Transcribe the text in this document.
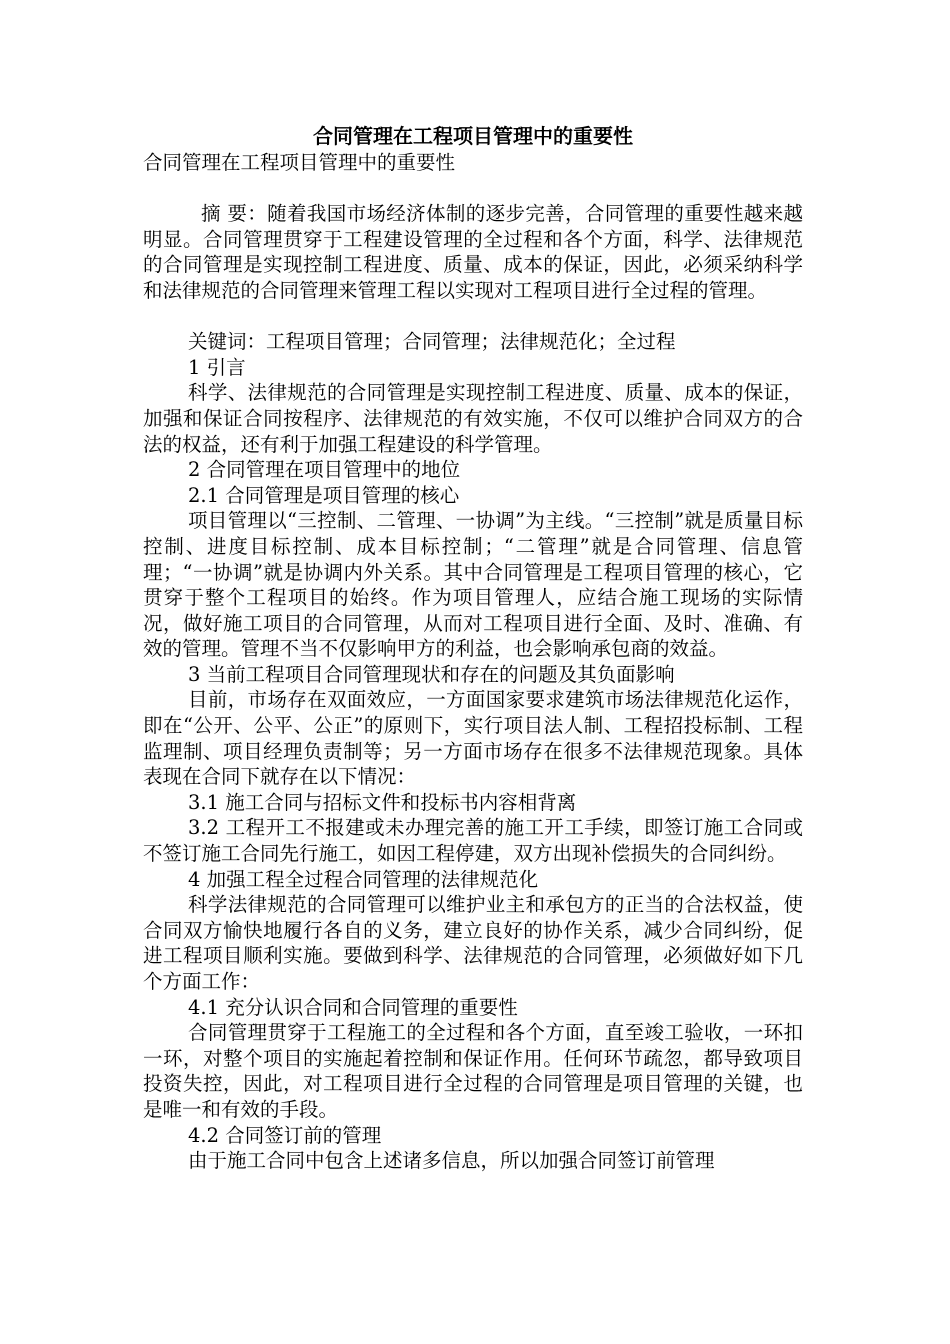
合同管理在工程项目管理中的重要性

合同管理在工程项目管理中的重要性

摘 要：随着我国市场经济体制的逐步完善，合同管理的重要性越来越明显。合同管理贯穿于工程建设管理的全过程和各个方面，科学、法律规范的合同管理是实现控制工程进度、质量、成本的保证，因此，必须采纳科学和法律规范的合同管理来管理工程以实现对工程项目进行全过程的管理。

关键词：工程项目管理；合同管理；法律规范化；全过程

1 引言

科学、法律规范的合同管理是实现控制工程进度、质量、成本的保证，加强和保证合同按程序、法律规范的有效实施，不仅可以维护合同双方的合法的权益，还有利于加强工程建设的科学管理。

2 合同管理在项目管理中的地位

2.1 合同管理是项目管理的核心

项目管理以“三控制、二管理、一协调”为主线。“三控制”就是质量目标控制、进度目标控制、成本目标控制；“二管理”就是合同管理、信息管理；“一协调”就是协调内外关系。其中合同管理是工程项目管理的核心，它贯穿于整个工程项目的始终。作为项目管理人，应结合施工现场的实际情况，做好施工项目的合同管理，从而对工程项目进行全面、及时、准确、有效的管理。管理不当不仅影响甲方的利益，也会影响承包商的效益。

3 当前工程项目合同管理现状和存在的问题及其负面影响

目前，市场存在双面效应，一方面国家要求建筑市场法律规范化运作，即在“公开、公平、公正”的原则下，实行项目法人制、工程招投标制、工程监理制、项目经理负责制等；另一方面市场存在很多不法律规范现象。具体表现在合同下就存在以下情况：

3.1 施工合同与招标文件和投标书内容相背离

3.2 工程开工不报建或未办理完善的施工开工手续，即签订施工合同或不签订施工合同先行施工，如因工程停建，双方出现补偿损失的合同纠纷。

4 加强工程全过程合同管理的法律规范化

科学法律规范的合同管理可以维护业主和承包方的正当的合法权益，使合同双方愉快地履行各自的义务，建立良好的协作关系，减少合同纠纷，促进工程项目顺利实施。要做到科学、法律规范的合同管理，必须做好如下几个方面工作：

4.1 充分认识合同和合同管理的重要性

合同管理贯穿于工程施工的全过程和各个方面，直至竣工验收，一环扣一环，对整个项目的实施起着控制和保证作用。任何环节疏忽，都导致项目投资失控，因此，对工程项目进行全过程的合同管理是项目管理的关键，也是唯一和有效的手段。

4.2 合同签订前的管理

由于施工合同中包含上述诸多信息，所以加强合同签订前管理
